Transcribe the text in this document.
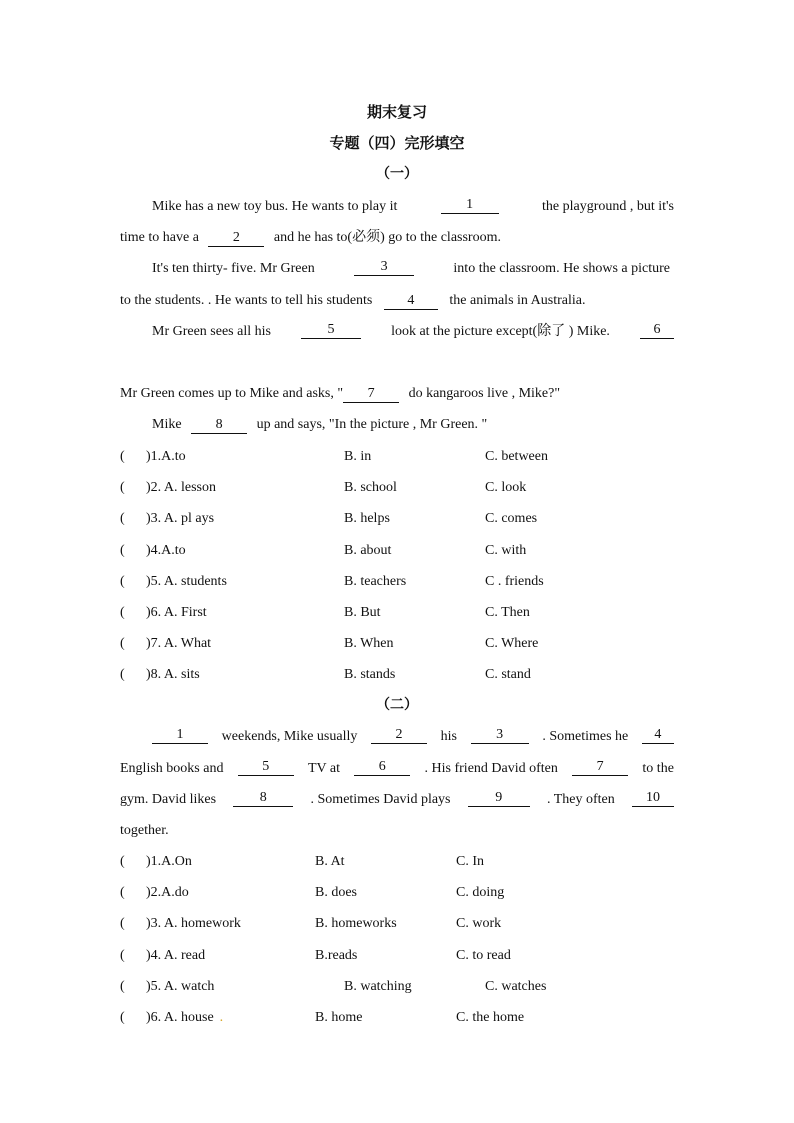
期末复习
专题（四）完形填空
（一）
Mike has a new toy bus. He wants to play it	1	the playground , but it's
time to have a 2 and he has to(必须) go to the classroom.
It's ten thirty- five. Mr Green	3	into the classroom. He shows a picture
to the students. . He wants to tell his students	4	the animals in Australia.
Mr Green sees all his	5	look at the picture except(除了 ) Mike.	6
Mr Green comes up to Mike and asks, " 7 do kangaroos live , Mike?"
Mike 8 up and says, "In the picture , Mr Green. "
( )1.A.to	B. in	C. between
( )2. A. lesson	B. school	C. look
( )3. A. pl ays	B. helps	C. comes
( )4.A.to	B. about	C. with
( )5. A. students	B. teachers	C . friends
( )6. A. First	B. But	C. Then
( )7. A. What	B. When	C. Where
( )8. A. sits	B. stands	C. stand
（二）
1	weekends, Mike usually	2	his	3	. Sometimes he	4
English books and	5	TV at	6	. His friend David often	7	to the
gym. David likes	8	. Sometimes David plays	9	. They often	10
together.
( )1.A.On	B. At	C. In
( )2.A.do	B. does	C. doing
( )3. A. homework	B. homeworks	C. work
( )4. A. read	B.reads	C. to read
( )5. A. watch	B. watching	C. watches
( )6. A. house .	B. home	C. the home
